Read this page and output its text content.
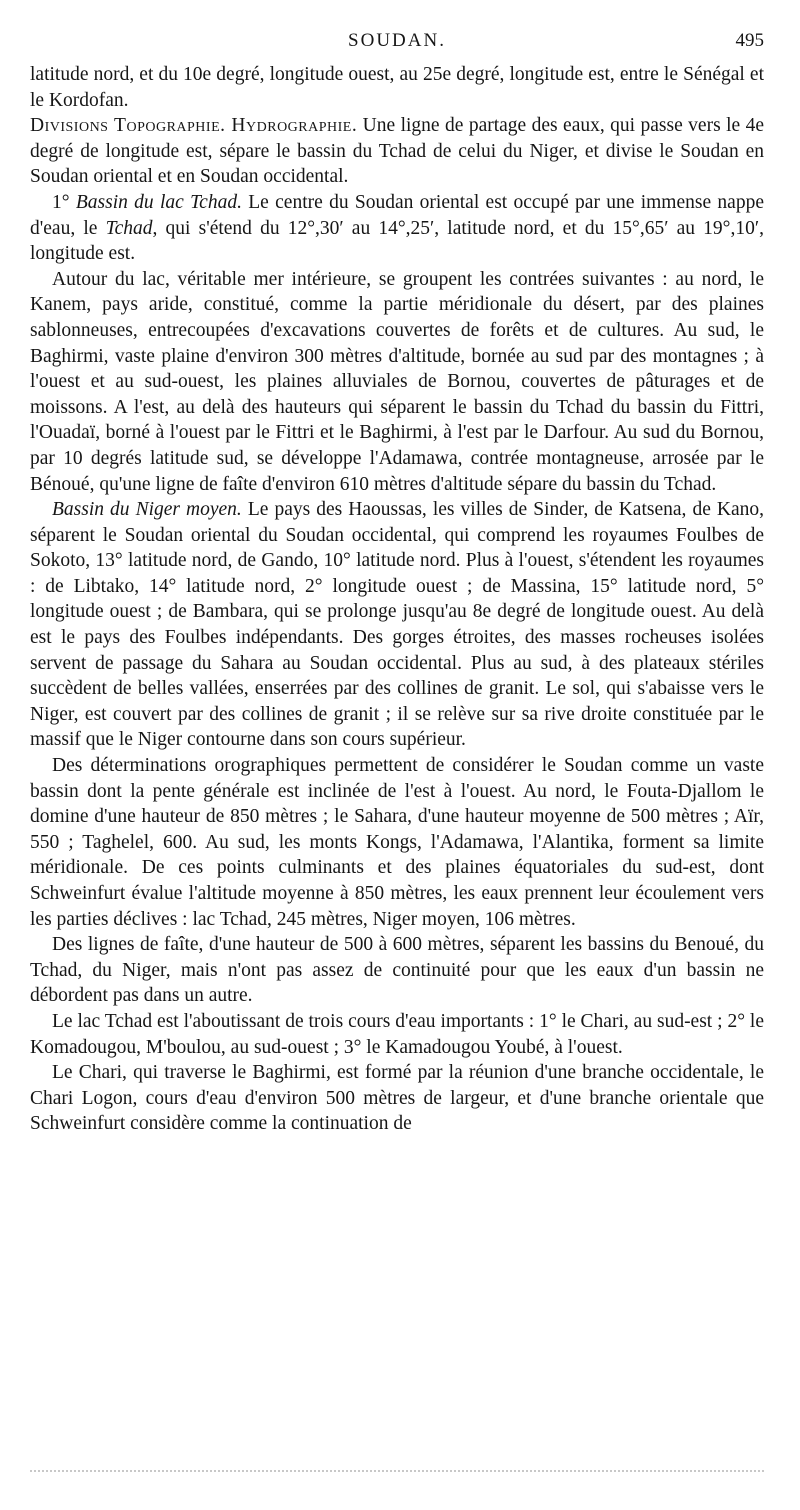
SOUDAN.	495

latitude nord, et du 10e degré, longitude ouest, au 25e degré, longitude est, entre le Sénégal et le Kordofan.

Divisions Topographie. Hydrographie. Une ligne de partage des eaux, qui passe vers le 4e degré de longitude est, sépare le bassin du Tchad de celui du Niger, et divise le Soudan en Soudan oriental et en Soudan occidental.

1° Bassin du lac Tchad. Le centre du Soudan oriental est occupé par une immense nappe d'eau, le Tchad, qui s'étend du 12°,30′ au 14°,25′, latitude nord, et du 15°,65′ au 19°,10′, longitude est.

Autour du lac, véritable mer intérieure, se groupent les contrées suivantes : au nord, le Kanem, pays aride, constitué, comme la partie méridionale du désert, par des plaines sablonneuses, entrecoupées d'excavations couvertes de forêts et de cultures. Au sud, le Baghirmi, vaste plaine d'environ 300 mètres d'altitude, bornée au sud par des montagnes ; à l'ouest et au sud-ouest, les plaines alluviales de Bornou, couvertes de pâturages et de moissons. A l'est, au delà des hauteurs qui séparent le bassin du Tchad du bassin du Fittri, l'Ouadaï, borné à l'ouest par le Fittri et le Baghirmi, à l'est par le Darfour. Au sud du Bornou, par 10 degrés latitude sud, se développe l'Adamawa, contrée montagneuse, arrosée par le Bénoué, qu'une ligne de faîte d'environ 610 mètres d'altitude sépare du bassin du Tchad.

Bassin du Niger moyen. Le pays des Haoussas, les villes de Sinder, de Katsena, de Kano, séparent le Soudan oriental du Soudan occidental, qui comprend les royaumes Foulbes de Sokoto, 13° latitude nord, de Gando, 10° latitude nord. Plus à l'ouest, s'étendent les royaumes : de Libtako, 14° latitude nord, 2° longitude ouest ; de Massina, 15° latitude nord, 5° longitude ouest ; de Bambara, qui se prolonge jusqu'au 8e degré de longitude ouest. Au delà est le pays des Foulbes indépendants. Des gorges étroites, des masses rocheuses isolées servent de passage du Sahara au Soudan occidental. Plus au sud, à des plateaux stériles succèdent de belles vallées, enserrées par des collines de granit. Le sol, qui s'abaisse vers le Niger, est couvert par des collines de granit ; il se relève sur sa rive droite constituée par le massif que le Niger contourne dans son cours supérieur.

Des déterminations orographiques permettent de considérer le Soudan comme un vaste bassin dont la pente générale est inclinée de l'est à l'ouest. Au nord, le Fouta-Djallom le domine d'une hauteur de 850 mètres ; le Sahara, d'une hauteur moyenne de 500 mètres ; Aïr, 550 ; Taghelel, 600. Au sud, les monts Kongs, l'Adamawa, l'Alantika, forment sa limite méridionale. De ces points culminants et des plaines équatoriales du sud-est, dont Schweinfurt évalue l'altitude moyenne à 850 mètres, les eaux prennent leur écoulement vers les parties déclives : lac Tchad, 245 mètres, Niger moyen, 106 mètres.

Des lignes de faîte, d'une hauteur de 500 à 600 mètres, séparent les bassins du Benoué, du Tchad, du Niger, mais n'ont pas assez de continuité pour que les eaux d'un bassin ne débordent pas dans un autre.

Le lac Tchad est l'aboutissant de trois cours d'eau importants : 1° le Chari, au sud-est ; 2° le Komadougou, M'boulou, au sud-ouest ; 3° le Kamadougou Youbé, à l'ouest.

Le Chari, qui traverse le Baghirmi, est formé par la réunion d'une branche occidentale, le Chari Logon, cours d'eau d'environ 500 mètres de largeur, et d'une branche orientale que Schweinfurt considère comme la continuation de
